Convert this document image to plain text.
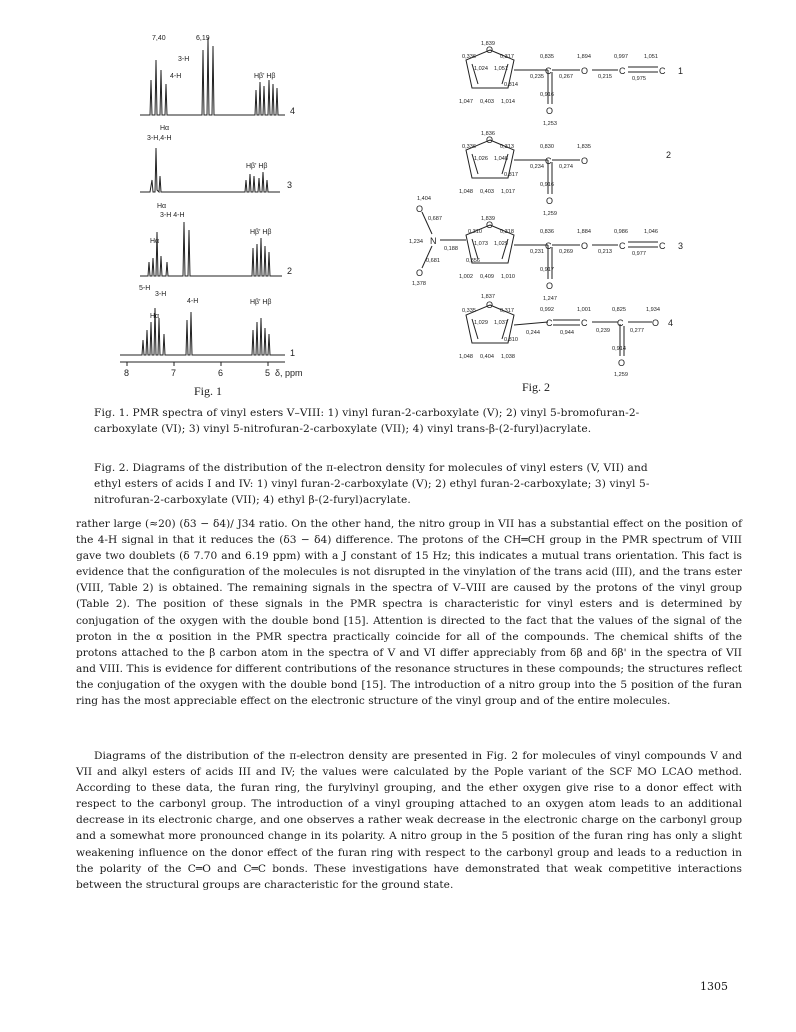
7,40	6,19
3-H
4-H	Hβ' Hβ
Hα
3-H,4-H
Hβ' Hβ
Hα
3-H 4-H
Hβ' Hβ
Hα
5-H
3-H
4-H	Hβ' Hβ
Hα
4
3
2
1
8	7	6	5 δ, ppm
O
C	O	C	C
O
1
1,839
0,336	0,317
1,024 1,051
0,835	1,894	0,997	1,051
0,235	0,267	0,215	0,975
0,916
0,814
1,047 0,403 1,014
1,253
O
C	O
O
2
1,836
0,336	0,313
1,026 1,048
0,830	1,835
0,234	0,274
0,916
0,817
1,048 0,403 1,017
1,259
O
N
O
O
C	O	C	C
O
3
1,404
0,687
1,234
0,681
1,378
1,839
0,310	0,318
1,073 1,029
0,836	1,884	0,986	1,046
0,231	0,269	0,213	0,977
0,917
0,188
0,856
1,002 0,409 1,010
1,247
O
C	C	C	O
O
4
1,837
0,335	0,317
1,029 1,037
0,992	1,001	0,825	1,934
0,244	0,944	0,239	0,277
0,914
0,810
1,048 0,404 1,038
1,259
Fig. 1	Fig. 2
Fig. 1. PMR spectra of vinyl esters V–VIII: 1) vinyl furan-2-carboxylate (V); 2) vinyl 5-bromofuran-2-carboxylate (VI); 3) vinyl 5-nitrofuran-2-carboxylate (VII); 4) vinyl trans-β-(2-furyl)acrylate.
Fig. 2. Diagrams of the distribution of the π-electron density for molecules of vinyl esters (V, VII) and ethyl esters of acids I and IV: 1) vinyl furan-2-carboxylate (V); 2) ethyl furan-2-carboxylate; 3) vinyl 5-nitrofuran-2-carboxylate (VII); 4) ethyl β-(2-furyl)acrylate.
rather large (≈20) (δ3 − δ4)/ J34 ratio. On the other hand, the nitro group in VII has a substantial effect on the position of the 4-H signal in that it reduces the (δ3 − δ4) difference. The protons of the CH═CH group in the PMR spectrum of VIII gave two doublets (δ 7.70 and 6.19 ppm) with a J constant of 15 Hz; this indicates a mutual trans orientation. This fact is evidence that the configuration of the molecules is not disrupted in the vinylation of the trans acid (III), and the trans ester (VIII, Table 2) is obtained. The remaining signals in the spectra of V–VIII are caused by the protons of the vinyl group (Table 2). The position of these signals in the PMR spectra is characteristic for vinyl esters and is determined by conjugation of the oxygen with the double bond [15]. Attention is directed to the fact that the values of the signal of the proton in the α position in the PMR spectra practically coincide for all of the compounds. The chemical shifts of the protons attached to the β carbon atom in the spectra of V and VI differ appreciably from δβ and δβ' in the spectra of VII and VIII. This is evidence for different contributions of the resonance structures in these compounds; the structures reflect the conjugation of the oxygen with the double bond [15]. The introduction of a nitro group into the 5 position of the furan ring has the most appreciable effect on the electronic structure of the vinyl group and of the entire molecules.
Diagrams of the distribution of the π-electron density are presented in Fig. 2 for molecules of vinyl compounds V and VII and alkyl esters of acids III and IV; the values were calculated by the Pople variant of the SCF MO LCAO method. According to these data, the furan ring, the furylvinyl grouping, and the ether oxygen give rise to a donor effect with respect to the carbonyl group. The introduction of a vinyl grouping attached to an oxygen atom leads to an additional decrease in its electronic charge, and one observes a rather weak decrease in the electronic charge on the carbonyl group and a somewhat more pronounced change in its polarity. A nitro group in the 5 position of the furan ring has only a slight weakening influence on the donor effect of the furan ring with respect to the carbonyl group and leads to a reduction in the polarity of the C═O and C═C bonds. These investigations have demonstrated that weak competitive interactions between the structural groups are characteristic for the ground state.
1305
